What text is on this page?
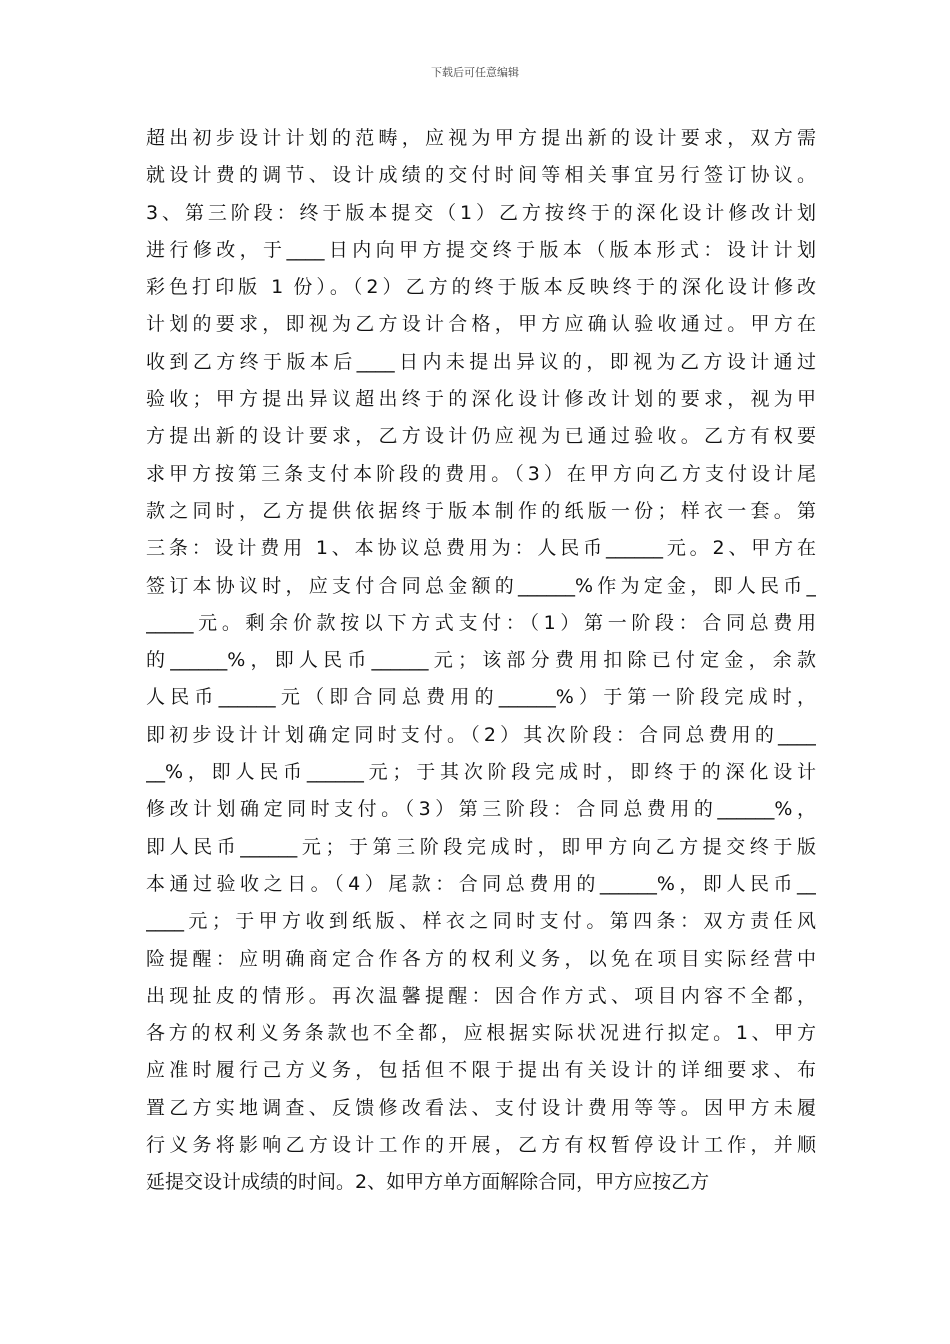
下载后可任意编辑
超出初步设计计划的范畴，应视为甲方提出新的设计要求，双方需
就设计费的调节、设计成绩的交付时间等相关事宜另行签订协议。
3、第三阶段：终于版本提交（1）乙方按终于的深化设计修改计划
进行修改，于____日内向甲方提交终于版本（版本形式：设计计划
彩色打印版 1 份）。（2）乙方的终于版本反映终于的深化设计修改
计划的要求，即视为乙方设计合格，甲方应确认验收通过。甲方在
收到乙方终于版本后____日内未提出异议的，即视为乙方设计通过
验收；甲方提出异议超出终于的深化设计修改计划的要求，视为甲
方提出新的设计要求，乙方设计仍应视为已通过验收。乙方有权要
求甲方按第三条支付本阶段的费用。（3）在甲方向乙方支付设计尾
款之同时，乙方提供依据终于版本制作的纸版一份；样衣一套。第
三条：设计费用 1、本协议总费用为：人民币______元。2、甲方在
签订本协议时，应支付合同总金额的______%作为定金，即人民币_
_____元。剩余价款按以下方式支付：（1）第一阶段：合同总费用
的______%，即人民币______元；该部分费用扣除已付定金，余款
人民币______元（即合同总费用的______%）于第一阶段完成时，
即初步设计计划确定同时支付。（2）其次阶段：合同总费用的____
__%，即人民币______元；于其次阶段完成时，即终于的深化设计
修改计划确定同时支付。（3）第三阶段：合同总费用的______%，
即人民币______元；于第三阶段完成时，即甲方向乙方提交终于版
本通过验收之日。（4）尾款：合同总费用的______%，即人民币__
____元；于甲方收到纸版、样衣之同时支付。第四条：双方责任风
险提醒：应明确商定合作各方的权利义务，以免在项目实际经营中
出现扯皮的情形。再次温馨提醒：因合作方式、项目内容不全都，
各方的权利义务条款也不全都，应根据实际状况进行拟定。1、甲方
应准时履行己方义务，包括但不限于提出有关设计的详细要求、布
置乙方实地调查、反馈修改看法、支付设计费用等等。因甲方未履
行义务将影响乙方设计工作的开展，乙方有权暂停设计工作，并顺
延提交设计成绩的时间。2、如甲方单方面解除合同，甲方应按乙方
